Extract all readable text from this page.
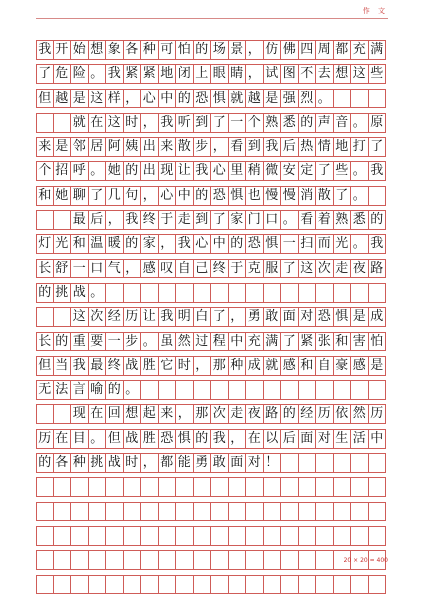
作 文
我 开 始 想 象 各 种 可 怕 的 场 景 ， 仿 佛 四 周 都 充 满
了 危 险 。 我 紧 紧 地 闭 上 眼 睛 ， 试 图 不 去 想 这 些
但 越 是 这 样 ， 心 中 的 恐 惧 就 越 是 强 烈 。
就 在 这 时 ， 我 听 到 了 一 个 熟 悉 的 声 音 。 原
来 是 邻 居 阿 姨 出 来 散 步 ， 看 到 我 后 热 情 地 打 了
个 招 呼 。 她 的 出 现 让 我 心 里 稍 微 安 定 了 些 。 我
和 她 聊 了 几 句 ， 心 中 的 恐 惧 也 慢 慢 消 散 了 。
最 后 ， 我 终 于 走 到 了 家 门 口 。 看 着 熟 悉 的
灯 光 和 温 暖 的 家 ， 我 心 中 的 恐 惧 一 扫 而 光 。 我
长 舒 一 口 气 ， 感 叹 自 己 终 于 克 服 了 这 次 走 夜 路
的 挑 战 。
这 次 经 历 让 我 明 白 了 ， 勇 敢 面 对 恐 惧 是 成
长 的 重 要 一 步 。 虽 然 过 程 中 充 满 了 紧 张 和 害 怕
但 当 我 最 终 战 胜 它 时 ， 那 种 成 就 感 和 自 豪 感 是
无 法 言 喻 的 。
现 在 回 想 起 来 ， 那 次 走 夜 路 的 经 历 依 然 历
历 在 目 。 但 战 胜 恐 惧 的 我 ， 在 以 后 面 对 生 活 中
的 各 种 挑 战 时 ， 都 能 勇 敢 面 对 ！
20 × 20 = 400
